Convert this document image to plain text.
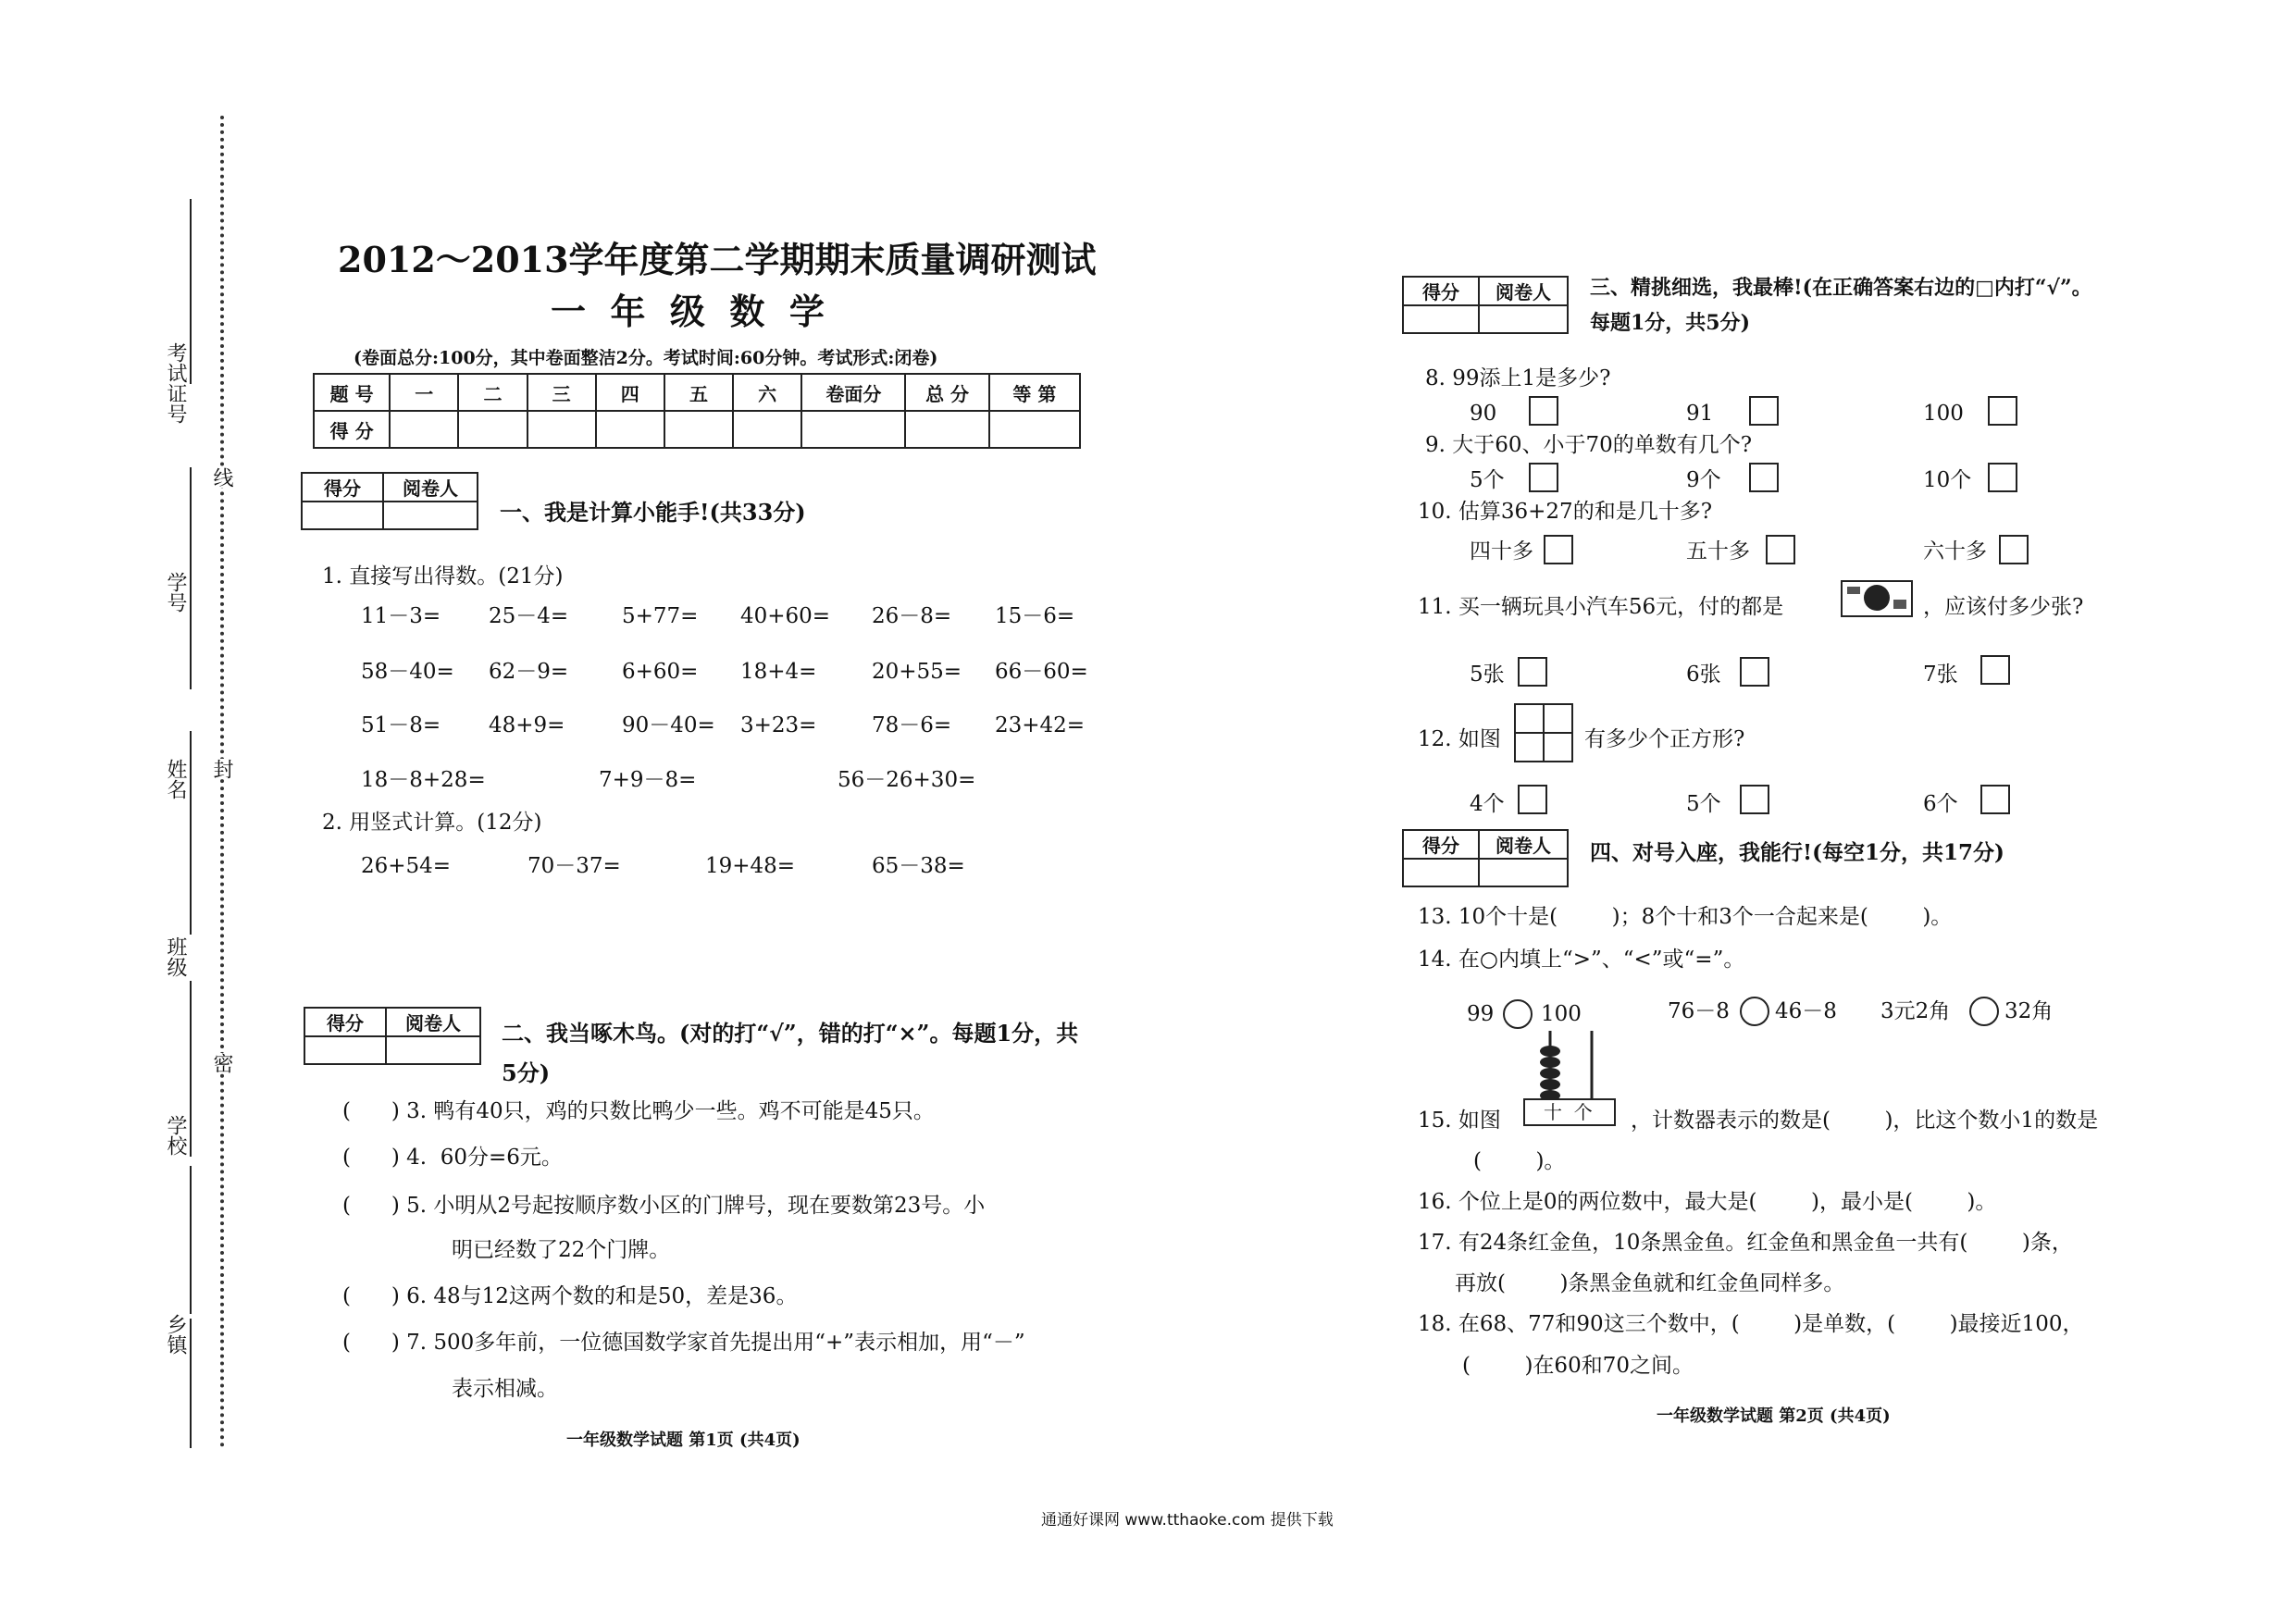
考试证号
学号
姓名
班级
学校
乡镇
线
封
密
2012～2013学年度第二学期期末质量调研测试
一  年  级  数  学
(卷面总分:100分，其中卷面整洁2分。考试时间:60分钟。考试形式:闭卷)
题 号	一	二	三	四	五	六	卷面分	总 分	等 第
得 分									
得分	阅卷人

一、我是计算小能手!(共33分)
1. 直接写出得数。(21分)
11－3= 25－4=	5+77= 40+60= 26－8= 15－6=
58－40= 62－9=	6+60= 18+4=	20+55= 66－60=
51－8= 48+9=	90－40= 3+23=	78－6= 23+42=
18－8+28=	7+9－8=	56－26+30=
2. 用竖式计算。(12分)
26+54=	70－37=	19+48=	65－38=
得分	阅卷人
	二、我当啄木鸟。(对的打“√”，错的打“×”。每题1分，共
5分)
(      ) 3. 鸭有40只，鸡的只数比鸭少一些。鸡不可能是45只。
(      ) 4.  60分=6元。
(      ) 5. 小明从2号起按顺序数小区的门牌号，现在要数第23号。小
明已经数了22个门牌。
(      ) 6. 48与12这两个数的和是50，差是36。
(      ) 7. 500多年前，一位德国数学家首先提出用“+”表示相加，用“－”
表示相减。
一年级数学试题 第1页 (共4页)
得分	阅卷人
	三、精挑细选，我最棒!(在正确答案右边的□内打“√”。
每题1分，共5分)
8. 99添上1是多少?
90	91	100
9. 大于60、小于70的单数有几个?
5个	9个	10个
10. 估算36+27的和是几十多?
四十多	五十多	六十多
11. 买一辆玩具小汽车56元，付的都是	，应该付多少张?
5张	6张	7张
12. 如图	有多少个正方形?
4个	5个	6个
得分	阅卷人
	四、对号入座，我能行!(每空1分，共17分)
13. 10个十是(        )；8个十和3个一合起来是(        )。
14. 在○内填上“>”、“<”或“=”。
99 100	76－8 46－8 3元2角	32角
15. 如图 十  个 ，计数器表示的数是(        )，比这个数小1的数是
(        )。
16. 个位上是0的两位数中，最大是(        )，最小是(        )。
17. 有24条红金鱼，10条黑金鱼。红金鱼和黑金鱼一共有(        )条，
再放(        )条黑金鱼就和红金鱼同样多。
18. 在68、77和90这三个数中，(        )是单数，(        )最接近100，
(        )在60和70之间。
一年级数学试题 第2页 (共4页)
通通好课网 www.tthaoke.com 提供下载
